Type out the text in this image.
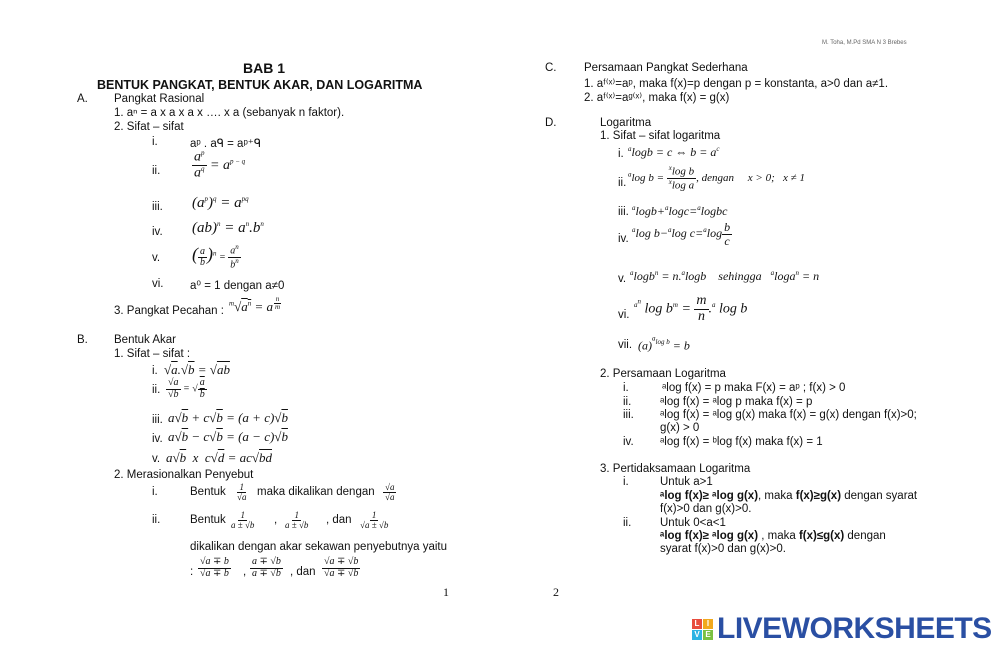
M. Toha, M.Pd SMA N 3 Brebes
BAB 1
BENTUK PANGKAT, BENTUK AKAR, DAN LOGARITMA
A. Pangkat Rasional
1. aⁿ = a x a x a x …. x a (sebanyak n faktor).
2. Sifat – sifat
i.	aᵖ . aᑫ = aᵖ⁺ᑫ
ii. $\frac{a^p}{a^q} = a^{p - q}$
iii. $(a^p)^q = a^{pq}$
iv. $(ab)^n = a^n.b^n$
v. ( $\frac{a}{b} )^n = \frac{a^n}{b^n}$
vi. a⁰ = 1 dengan a≠0
3. Pangkat Pecahan :
$^m√a^n = a$ $^{\frac{n}{m}}$
B. Bentuk Akar
1. Sifat – sifat :
i. √a.√b = √ab
ii. $\frac{√a}{√b}$ = √ $\frac{a}{b}$
iii. a√b + c√b = (a + c)√b
iv. a√b − c√b = (a − c)√b
v. a√b  x  c√d = ac√bd
2. Merasionalkan Penyebut
i.	Bentuk $\frac{1}{√a}$ maka dikalikan dengan $\frac{√a}{√a}$
ii.	Bentuk $\frac{1}{a \pm √b}$ , $\frac{1}{a \pm √b}$ , dan $\frac{1}{√a \pm √b}$
dikalikan dengan akar sekawan penyebutnya yaitu
: $\frac{√a \mp b}{√a \mp b}$ , $\frac{a \mp √b}{a \mp √b}$ , dan $\frac{√a \mp √b}{√a \mp √b}$
1
C. Persamaan Pangkat Sederhana
1. aᶠ⁽ˣ⁾=aᵖ, maka f(x)=p dengan p = konstanta, a>0 dan a≠1.
2. aᶠ⁽ˣ⁾=aᵍ⁽ˣ⁾, maka f(x) = g(x)
D.	Logaritma
1. Sifat – sifat logaritma
i. $^a$logb = c ⇔ $b = a^c$
ii.
$^a$log $b = \frac{^x\log b}{^x\log a}$ , dengan     x > 0;   x ≠ 1
iii. $^a$logb+$^a$logc=$^a$logbc
iv.
$^a$log b−$^a$log $c=^a\log \frac{b}{c}$
v. $^a$logb$^n$ = n.$^a$logb    sehingga   $^a$loga$^n$ = n
vi.
$^{a^n}$ $\log b^m = \frac{m}{n} .^a$ log b
vii. $(a)^{^alog b} = b$
2. Persamaan Logaritma
i.	ᵃlog f(x) = p maka F(x) = aᵖ ; f(x) > 0
ii. ᵃlog f(x) = ᵃlog p maka f(x) = p
iii. ᵃlog f(x) = ᵃlog g(x) maka f(x) = g(x) dengan f(x)>0;
g(x) > 0
iv. ᵃlog f(x) = ᵇlog f(x) maka f(x) = 1
3. Pertidaksamaan Logaritma
i.	Untuk a>1
ᵃlog f(x)≥ ᵃlog g(x), maka f(x)≥g(x) dengan syarat
f(x)>0 dan g(x)>0.
ii. Untuk 0<a<1
ᵃlog f(x)≥ ᵃlog g(x) , maka f(x)≤g(x) dengan
syarat f(x)>0 dan g(x)>0.
2
L I
V E LIVEWORKSHEETS
